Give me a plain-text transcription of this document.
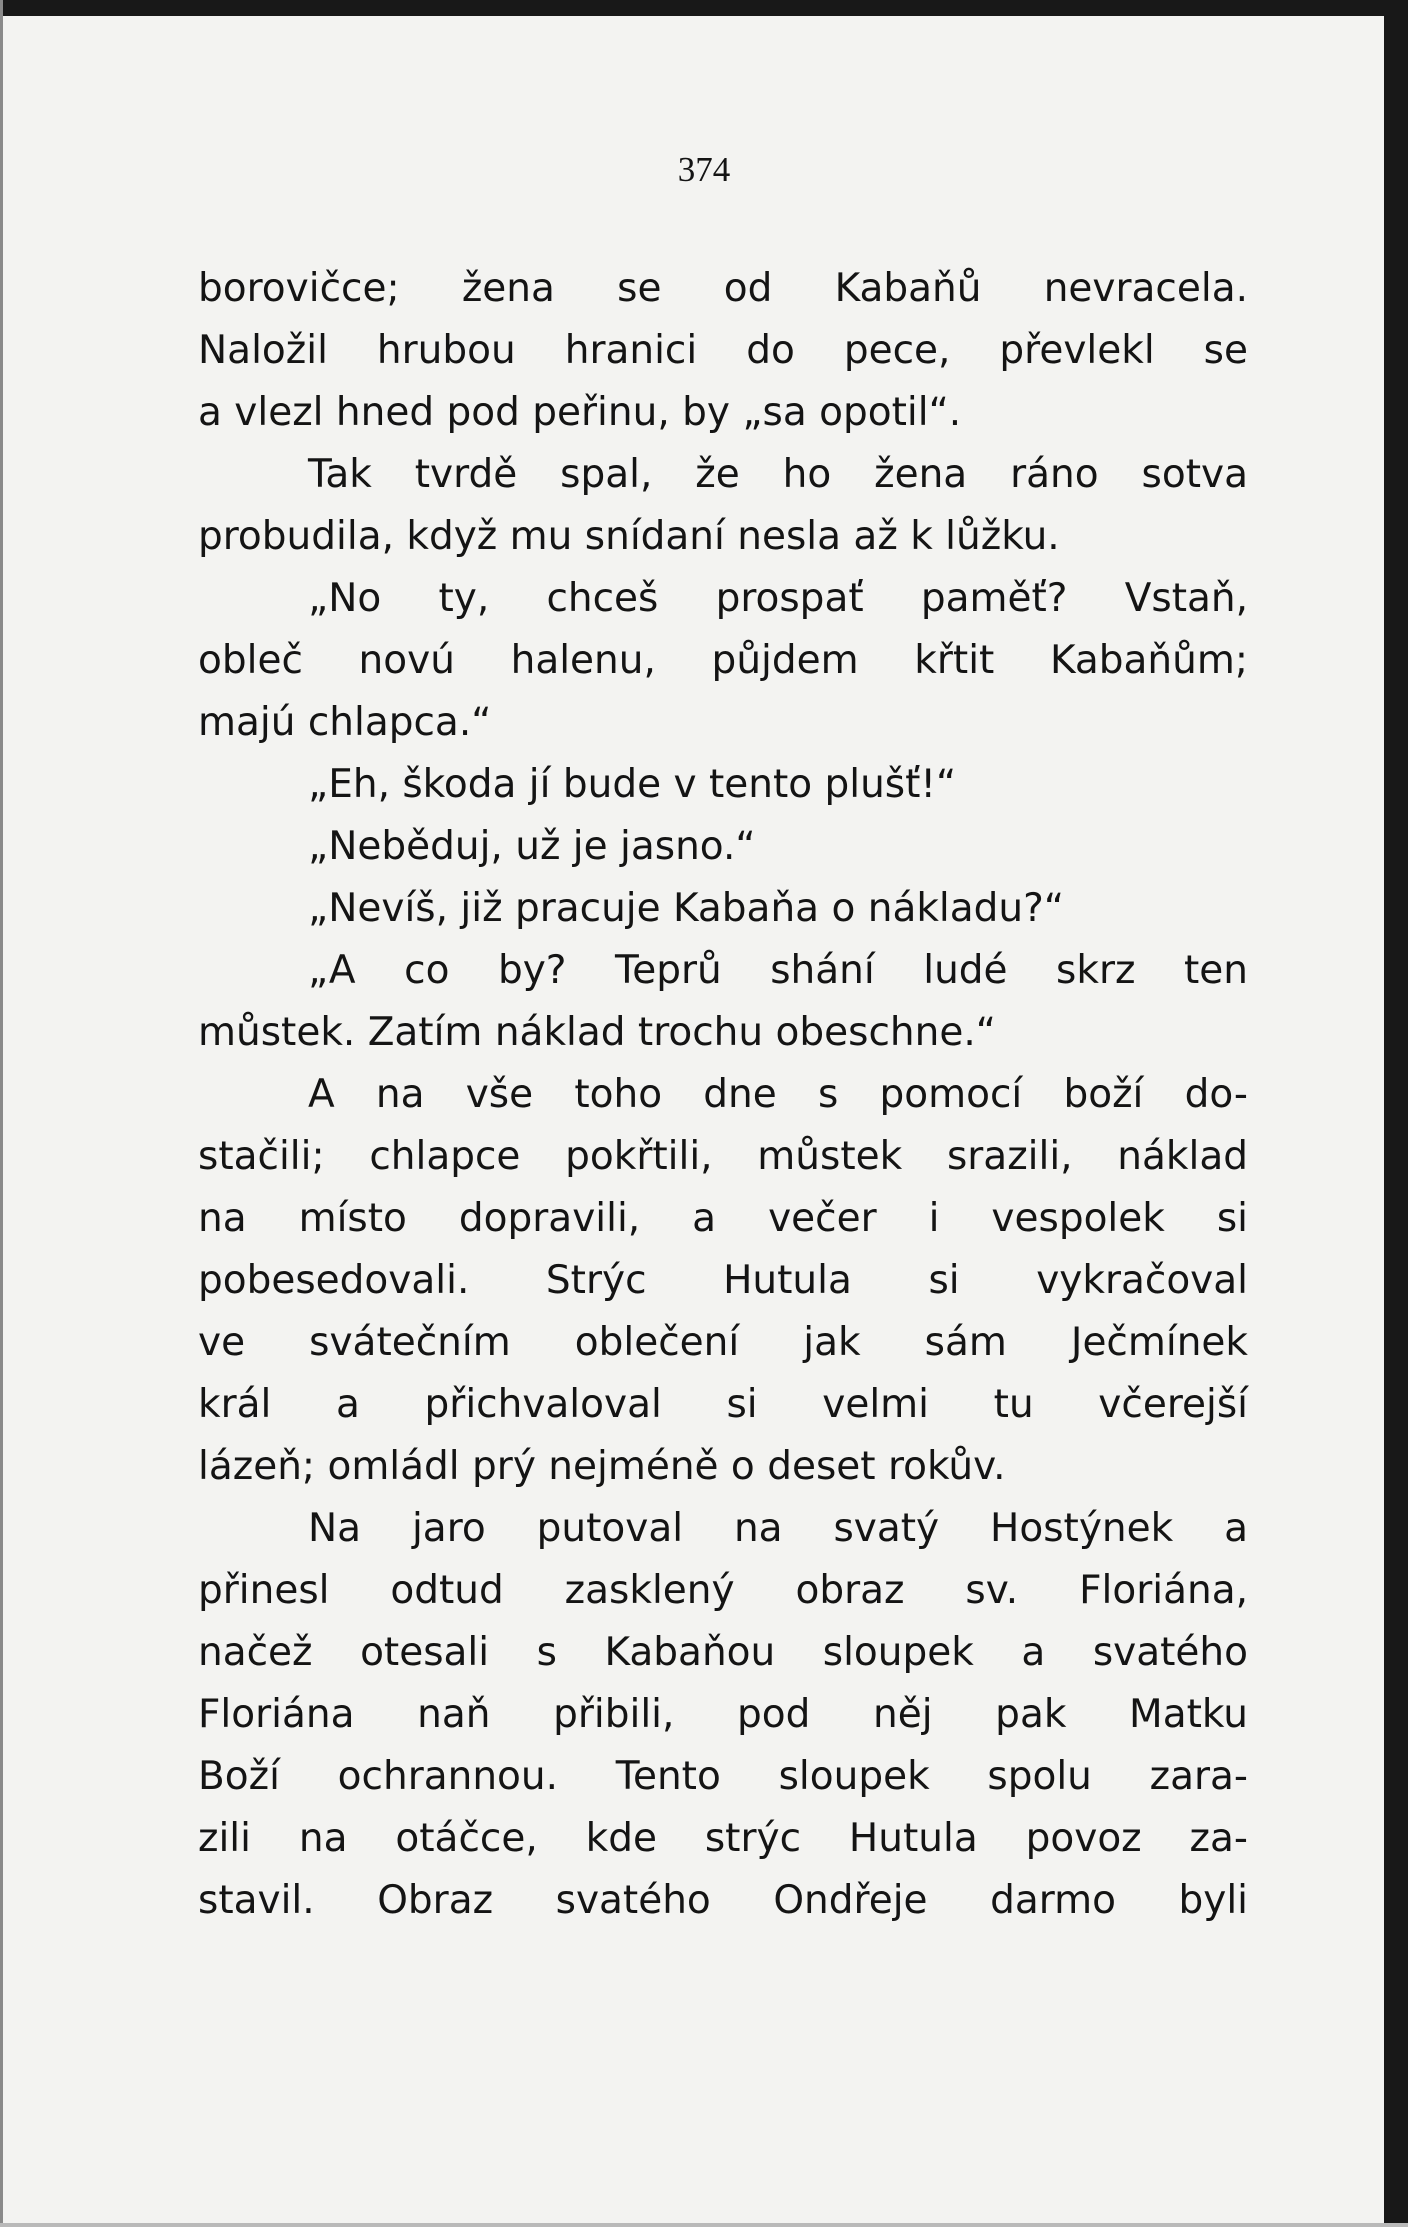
374
borovičce; žena se od Kabaňů nevracela.
Naložil hrubou hranici do pece, převlekl se
a vlezl hned pod peřinu, by „sa opotil“.
Tak tvrdě spal, že ho žena ráno sotva
probudila, když mu snídaní nesla až k lůžku.
„No ty, chceš prospať paměť? Vstaň,
obleč novú halenu, půjdem křtit Kabaňům;
majú chlapca.“
„Eh, škoda jí bude v tento plušť!“
„Neběduj, už je jasno.“
„Nevíš, již pracuje Kabaňa o nákladu?“
„A co by? Teprů shání ludé skrz ten
můstek. Zatím náklad trochu obeschne.“
A na vše toho dne s pomocí boží do-
stačili; chlapce pokřtili, můstek srazili, náklad
na místo dopravili, a večer i vespolek si
pobesedovali. Strýc Hutula si vykračoval
ve svátečním oblečení jak sám Ječmínek
král a přichvaloval si velmi tu včerejší
lázeň; omládl prý nejméně o deset rokův.
Na jaro putoval na svatý Hostýnek a
přinesl odtud zasklený obraz sv. Floriána,
načež otesali s Kabaňou sloupek a svatého
Floriána naň přibili, pod něj pak Matku
Boží ochrannou. Tento sloupek spolu zara-
zili na otáčce, kde strýc Hutula povoz za-
stavil. Obraz svatého Ondřeje darmo byli
